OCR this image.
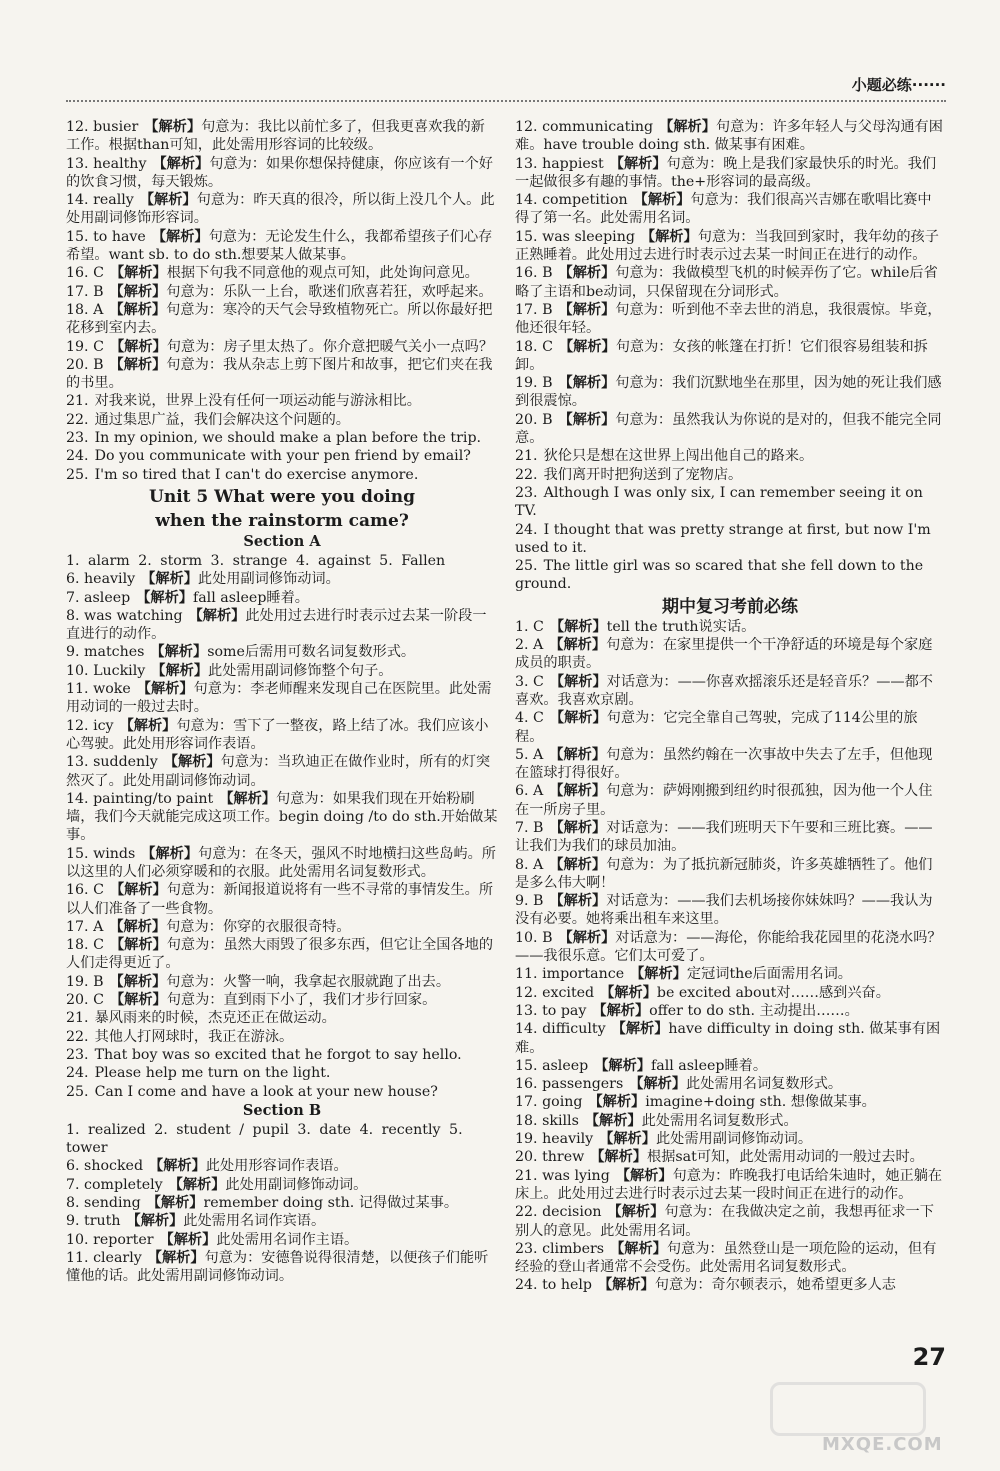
小题必练······

12. busier 【解析】句意为：我比以前忙多了，但我更喜欢我的新工作。根据than可知，此处需用形容词的比较级。

13. healthy 【解析】句意为：如果你想保持健康，你应该有一个好的饮食习惯，每天锻炼。

14. really 【解析】句意为：昨天真的很冷，所以街上没几个人。此处用副词修饰形容词。

15. to have 【解析】句意为：无论发生什么，我都希望孩子们心存希望。want sb. to do sth.想要某人做某事。

16. C 【解析】根据下句我不同意他的观点可知，此处询问意见。

17. B 【解析】句意为：乐队一上台，歌迷们欣喜若狂，欢呼起来。

18. A 【解析】句意为：寒冷的天气会导致植物死亡。所以你最好把花移到室内去。

19. C 【解析】句意为：房子里太热了。你介意把暖气关小一点吗？

20. B 【解析】句意为：我从杂志上剪下图片和故事，把它们夹在我的书里。

21. 对我来说，世界上没有任何一项运动能与游泳相比。

22. 通过集思广益，我们会解决这个问题的。

23. In my opinion, we should make a plan before the trip.

24. Do you communicate with your pen friend by email?

25. I'm so tired that I can't do exercise anymore.

Unit 5 What were you doing
when the rainstorm came?
Section A

1. alarm 2. storm 3. strange 4. against 5. Fallen

6. heavily 【解析】此处用副词修饰动词。

7. asleep 【解析】fall asleep睡着。

8. was watching 【解析】此处用过去进行时表示过去某一阶段一直进行的动作。

9. matches 【解析】some后需用可数名词复数形式。

10. Luckily 【解析】此处需用副词修饰整个句子。

11. woke 【解析】句意为：李老师醒来发现自己在医院里。此处需用动词的一般过去时。

12. icy 【解析】句意为：雪下了一整夜，路上结了冰。我们应该小心驾驶。此处用形容词作表语。

13. suddenly 【解析】句意为：当玖迪正在做作业时，所有的灯突然灭了。此处用副词修饰动词。

14. painting/to paint 【解析】句意为：如果我们现在开始粉刷墙，我们今天就能完成这项工作。begin doing /to do sth.开始做某事。

15. winds 【解析】句意为：在冬天，强风不时地横扫这些岛屿。所以这里的人们必须穿暖和的衣服。此处需用名词复数形式。

16. C 【解析】句意为：新闻报道说将有一些不寻常的事情发生。所以人们准备了一些食物。

17. A 【解析】句意为：你穿的衣服很奇特。

18. C 【解析】句意为：虽然大雨毁了很多东西，但它让全国各地的人们走得更近了。

19. B 【解析】句意为：火警一响，我拿起衣服就跑了出去。

20. C 【解析】句意为：直到雨下小了，我们才步行回家。

21. 暴风雨来的时候，杰克还正在做运动。

22. 其他人打网球时，我正在游泳。

23. That boy was so excited that he forgot to say hello.

24. Please help me turn on the light.

25. Can I come and have a look at your new house?

Section B

1. realized 2. student / pupil 3. date 4. recently 5. tower

6. shocked 【解析】此处用形容词作表语。

7. completely 【解析】此处用副词修饰动词。

8. sending 【解析】remember doing sth. 记得做过某事。

9. truth 【解析】此处需用名词作宾语。

10. reporter 【解析】此处需用名词作主语。

11. clearly 【解析】句意为：安德鲁说得很清楚，以便孩子们能听懂他的话。此处需用副词修饰动词。

12. communicating 【解析】句意为：许多年轻人与父母沟通有困难。have trouble doing sth. 做某事有困难。

13. happiest 【解析】句意为：晚上是我们家最快乐的时光。我们一起做很多有趣的事情。the+形容词的最高级。

14. competition 【解析】句意为：我们很高兴吉娜在歌唱比赛中得了第一名。此处需用名词。

15. was sleeping 【解析】句意为：当我回到家时，我年幼的孩子正熟睡着。此处用过去进行时表示过去某一时间正在进行的动作。

16. B 【解析】句意为：我做模型飞机的时候弄伤了它。while后省略了主语和be动词，只保留现在分词形式。

17. B 【解析】句意为：听到他不幸去世的消息，我很震惊。毕竟，他还很年轻。

18. C 【解析】句意为：女孩的帐篷在打折！它们很容易组装和拆卸。

19. B 【解析】句意为：我们沉默地坐在那里，因为她的死让我们感到很震惊。

20. B 【解析】句意为：虽然我认为你说的是对的，但我不能完全同意。

21. 狄伦只是想在这世界上闯出他自己的路来。

22. 我们离开时把狗送到了宠物店。

23. Although I was only six, I can remember seeing it on TV.

24. I thought that was pretty strange at first, but now I'm used to it.

25. The little girl was so scared that she fell down to the ground.

期中复习考前必练

1. C 【解析】tell the truth说实话。

2. A 【解析】句意为：在家里提供一个干净舒适的环境是每个家庭成员的职责。

3. C 【解析】对话意为：——你喜欢摇滚乐还是轻音乐？——都不喜欢。我喜欢京剧。

4. C 【解析】句意为：它完全靠自己驾驶，完成了114公里的旅程。

5. A 【解析】句意为：虽然约翰在一次事故中失去了左手，但他现在篮球打得很好。

6. A 【解析】句意为：萨姆刚搬到纽约时很孤独，因为他一个人住在一所房子里。

7. B 【解析】对话意为：——我们班明天下午要和三班比赛。——让我们为我们的球员加油。

8. A 【解析】句意为：为了抵抗新冠肺炎，许多英雄牺牲了。他们是多么伟大啊！

9. B 【解析】对话意为：——我们去机场接你妹妹吗？——我认为没有必要。她将乘出租车来这里。

10. B 【解析】对话意为：——海伦，你能给我花园里的花浇水吗？——我很乐意。它们太可爱了。

11. importance 【解析】定冠词the后面需用名词。

12. excited 【解析】be excited about对……感到兴奋。

13. to pay 【解析】offer to do sth. 主动提出……。

14. difficulty 【解析】have difficulty in doing sth. 做某事有困难。

15. asleep 【解析】fall asleep睡着。

16. passengers 【解析】此处需用名词复数形式。

17. going 【解析】imagine+doing sth. 想像做某事。

18. skills 【解析】此处需用名词复数形式。

19. heavily 【解析】此处需用副词修饰动词。

20. threw 【解析】根据sat可知，此处需用动词的一般过去时。

21. was lying 【解析】句意为：昨晚我打电话给朱迪时，她正躺在床上。此处用过去进行时表示过去某一段时间正在进行的动作。

22. decision 【解析】句意为：在我做决定之前，我想再征求一下别人的意见。此处需用名词。

23. climbers 【解析】句意为：虽然登山是一项危险的运动，但有经验的登山者通常不会受伤。此处需用名词复数形式。

24. to help 【解析】句意为：奇尔顿表示，她希望更多人志

27
MXQE.COM
